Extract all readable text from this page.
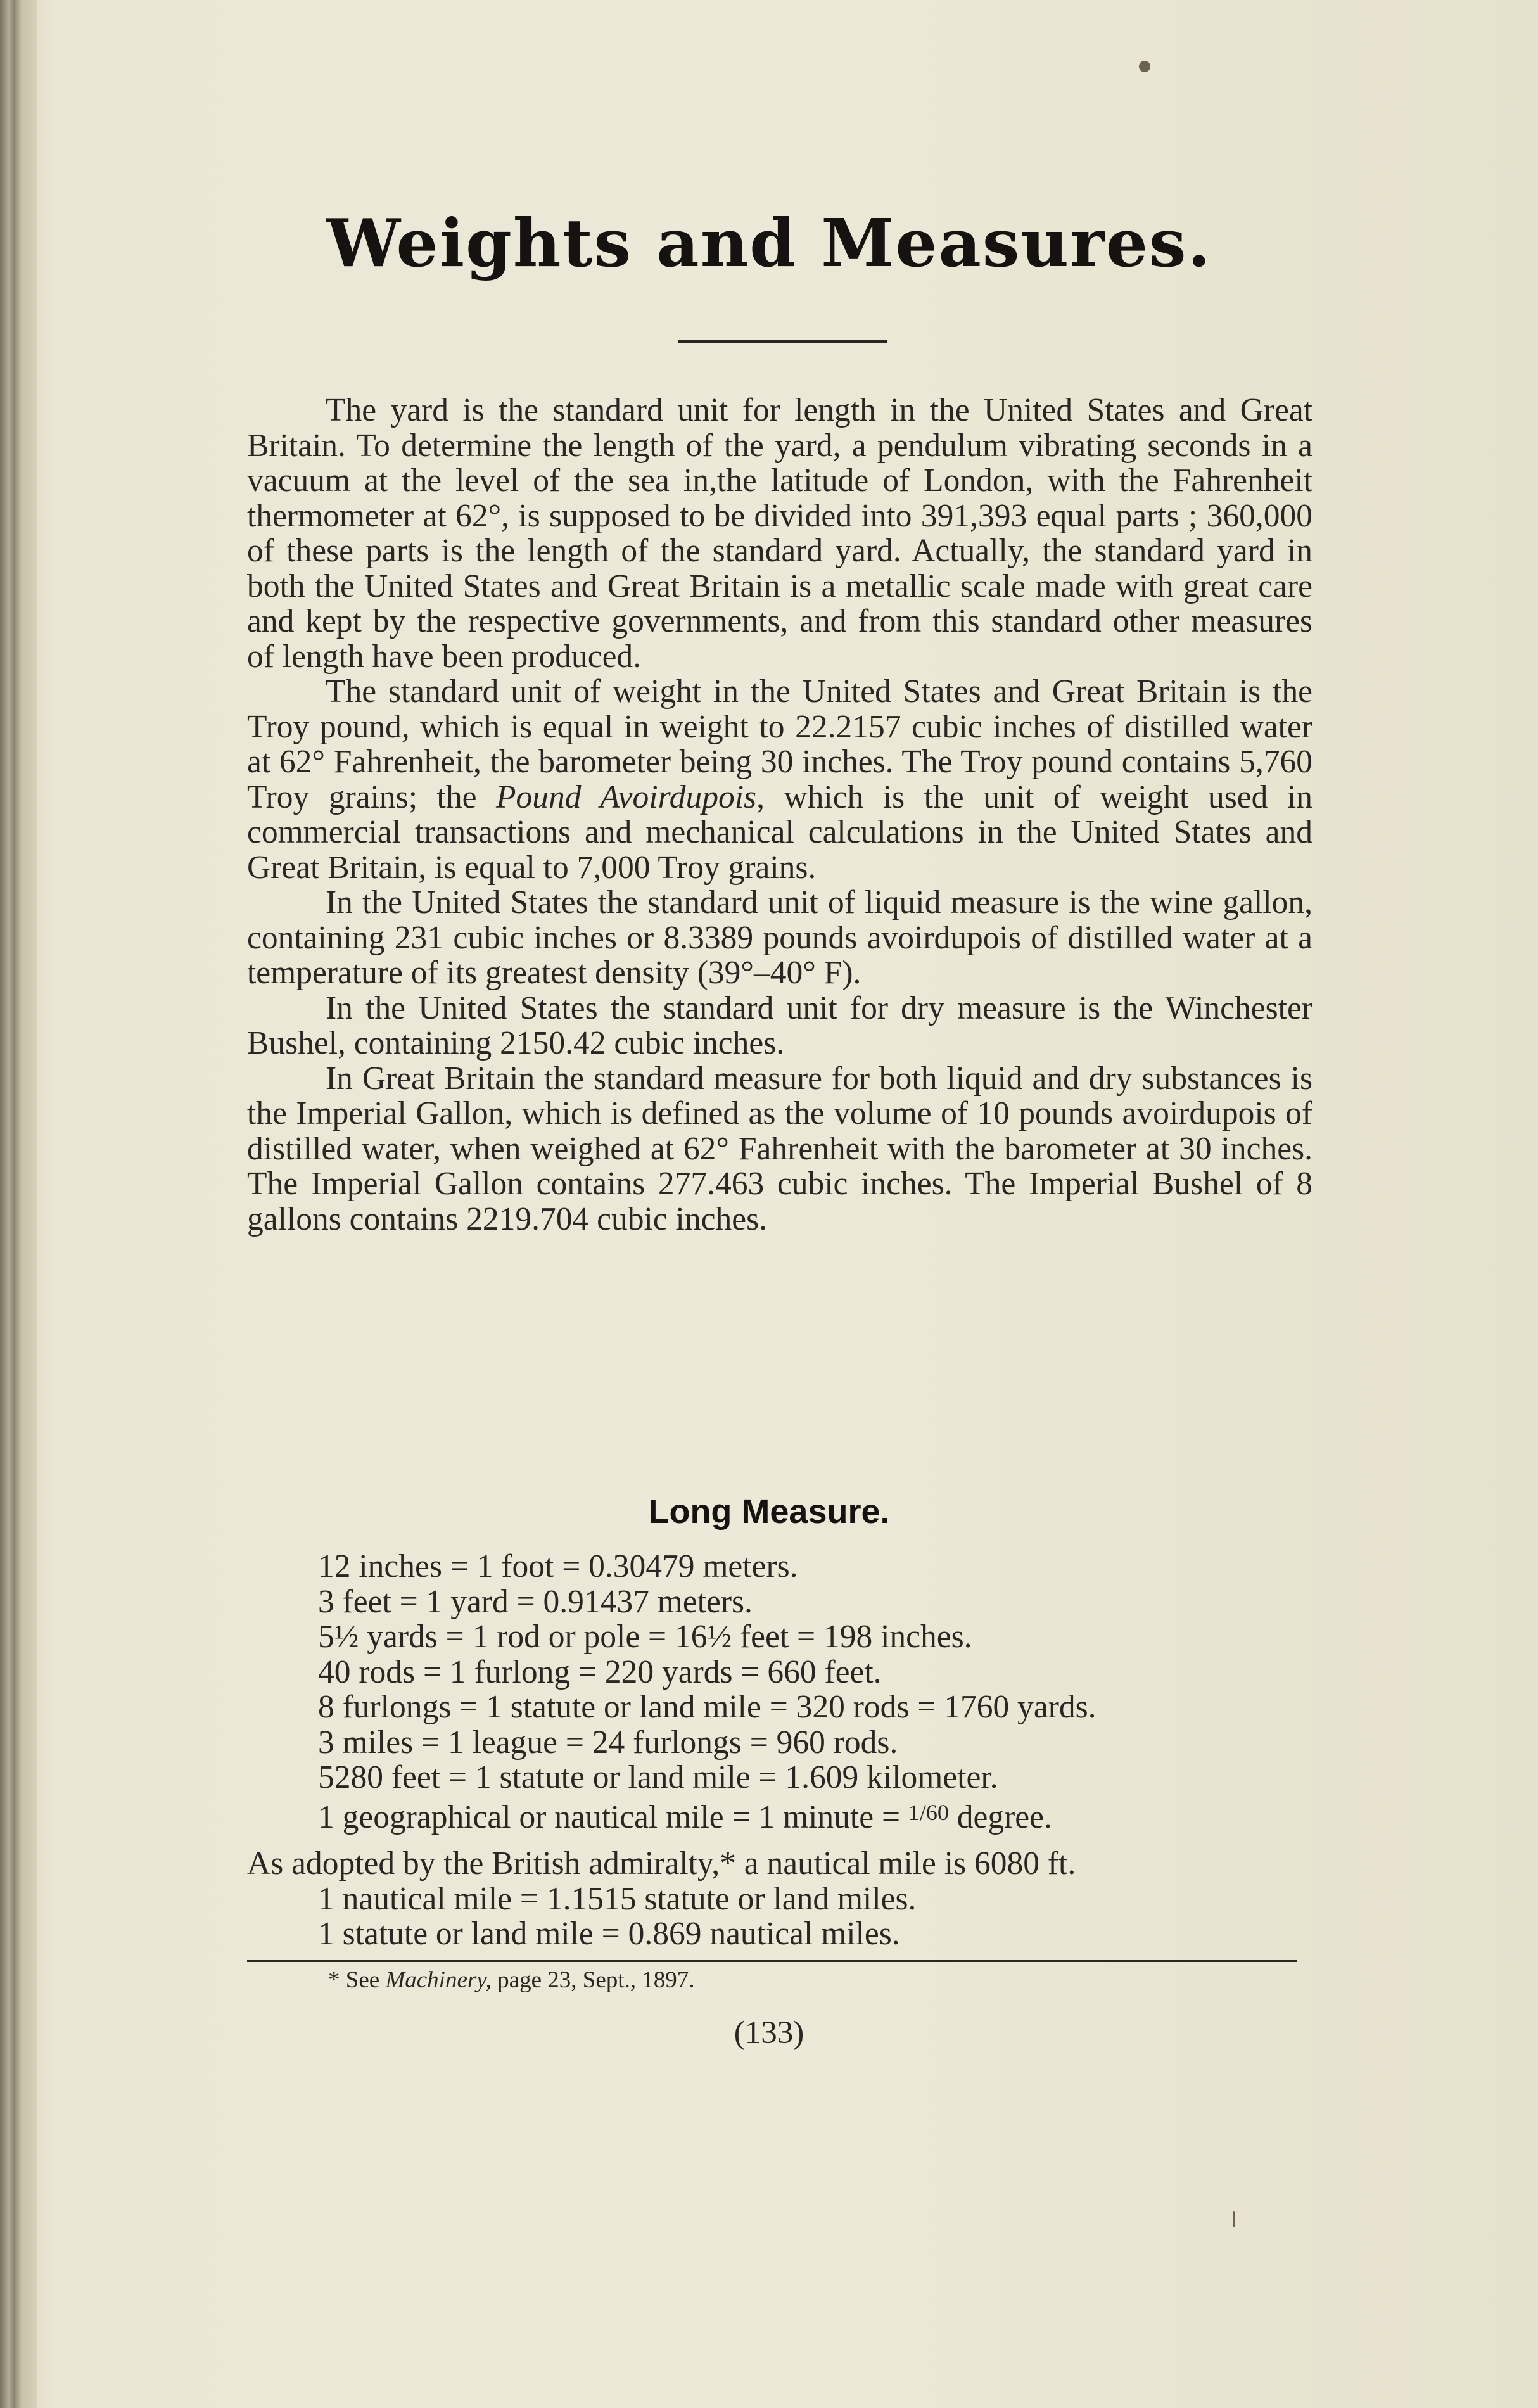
Weights and Measures.

The yard is the standard unit for length in the United States and Great Britain. To determine the length of the yard, a pendulum vibrating seconds in a vacuum at the level of the sea in,the latitude of London, with the Fahrenheit thermometer at 62°, is supposed to be divided into 391,393 equal parts ; 360,000 of these parts is the length of the standard yard. Actually, the standard yard in both the United States and Great Britain is a metallic scale made with great care and kept by the respective governments, and from this standard other measures of length have been produced.

The standard unit of weight in the United States and Great Britain is the Troy pound, which is equal in weight to 22.2157 cubic inches of distilled water at 62° Fahrenheit, the barometer being 30 inches. The Troy pound contains 5,760 Troy grains; the Pound Avoirdupois, which is the unit of weight used in commercial transactions and mechanical calculations in the United States and Great Britain, is equal to 7,000 Troy grains.

In the United States the standard unit of liquid measure is the wine gallon, containing 231 cubic inches or 8.3389 pounds avoirdupois of distilled water at a temperature of its greatest density (39°–40° F).

In the United States the standard unit for dry measure is the Winchester Bushel, containing 2150.42 cubic inches.

In Great Britain the standard measure for both liquid and dry substances is the Imperial Gallon, which is defined as the volume of 10 pounds avoirdupois of distilled water, when weighed at 62° Fahrenheit with the barometer at 30 inches. The Imperial Gallon contains 277.463 cubic inches. The Imperial Bushel of 8 gallons contains 2219.704 cubic inches.

Long Measure.
12 inches = 1 foot = 0.30479 meters.
3 feet = 1 yard = 0.91437 meters.
5½ yards = 1 rod or pole = 16½ feet = 198 inches.
40 rods = 1 furlong = 220 yards = 660 feet.
8 furlongs = 1 statute or land mile = 320 rods = 1760 yards.
3 miles = 1 league = 24 furlongs = 960 rods.
5280 feet = 1 statute or land mile = 1.609 kilometer.
1 geographical or nautical mile = 1 minute = $^{1/60}$ degree.
As adopted by the British admiralty,* a nautical mile is 6080 ft.
1 nautical mile = 1.1515 statute or land miles.
1 statute or land mile = 0.869 nautical miles.
* See Machinery, page 23, Sept., 1897.
(133)
